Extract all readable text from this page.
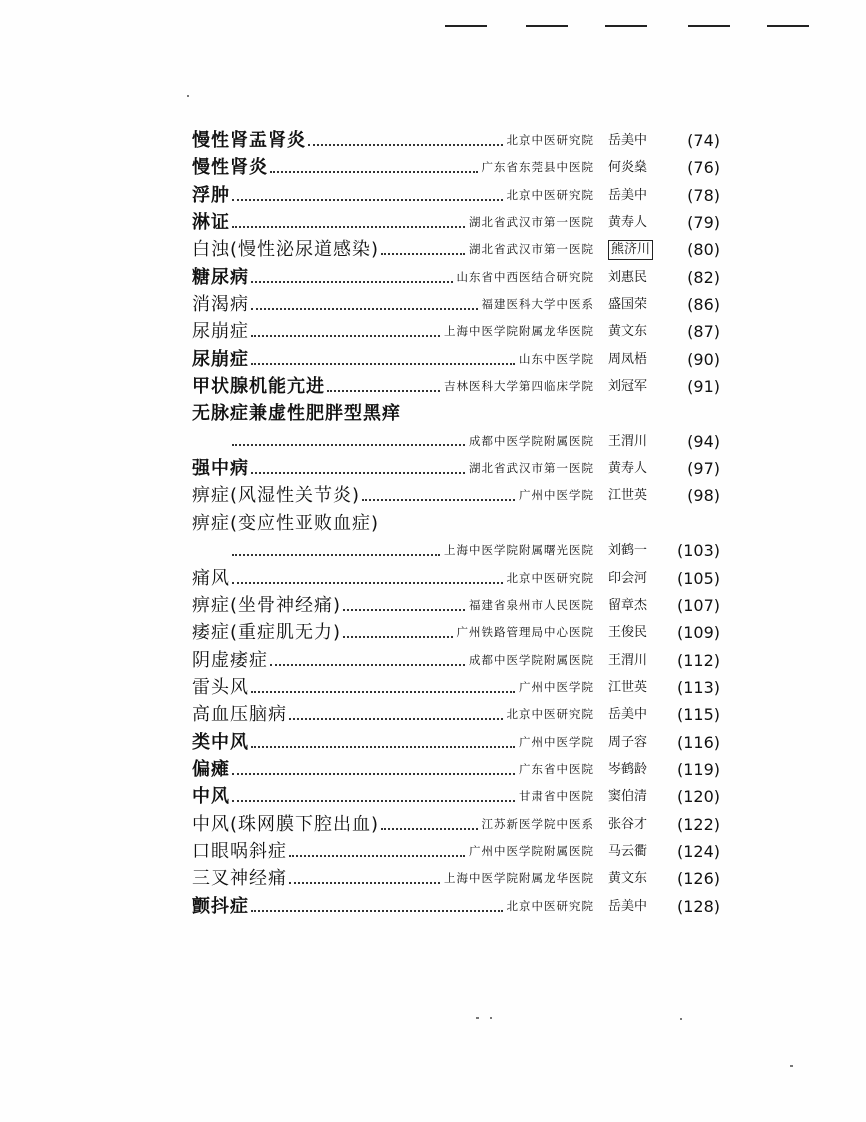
慢性肾盂肾炎	北京中医研究院	岳美中	(74)
慢性肾炎	广东省东莞县中医院	何炎燊	(76)
浮肿	北京中医研究院	岳美中	(78)
淋证	湖北省武汉市第一医院	黄寿人	(79)
白浊(慢性泌尿道感染)	湖北省武汉市第一医院	熊济川 (80)
糖尿病	山东省中西医结合研究院	刘惠民	(82)
消渴病	福建医科大学中医系	盛国荣	(86)
尿崩症	上海中医学院附属龙华医院	黄文东	(87)
尿崩症	山东中医学院	周凤梧	(90)
甲状腺机能亢进	吉林医科大学第四临床学院	刘冠军	(91)
无脉症兼虚性肥胖型黑痒
成都中医学院附属医院	王渭川	(94)
强中病	湖北省武汉市第一医院	黄寿人	(97)
痹症(风湿性关节炎)	广州中医学院	江世英	(98)
痹症(变应性亚败血症)
上海中医学院附属曙光医院	刘鹤一 (103)
痛风	北京中医研究院	印会河 (105)
痹症(坐骨神经痛)	福建省泉州市人民医院	留章杰 (107)
痿症(重症肌无力)	广州铁路管理局中心医院	王俊民 (109)
阴虚痿症	成都中医学院附属医院	王渭川 (112)
雷头风	广州中医学院	江世英 (113)
高血压脑病	北京中医研究院	岳美中 (115)
类中风	广州中医学院	周子容 (116)
偏瘫	广东省中医院	岑鹤龄 (119)
中风	甘肃省中医院	窦伯清 (120)
中风(珠网膜下腔出血)	江苏新医学院中医系	张谷才 (122)
口眼㖞斜症	广州中医学院附属医院	马云衢 (124)
三叉神经痛	上海中医学院附属龙华医院	黄文东 (126)
颤抖症	北京中医研究院	岳美中 (128)
